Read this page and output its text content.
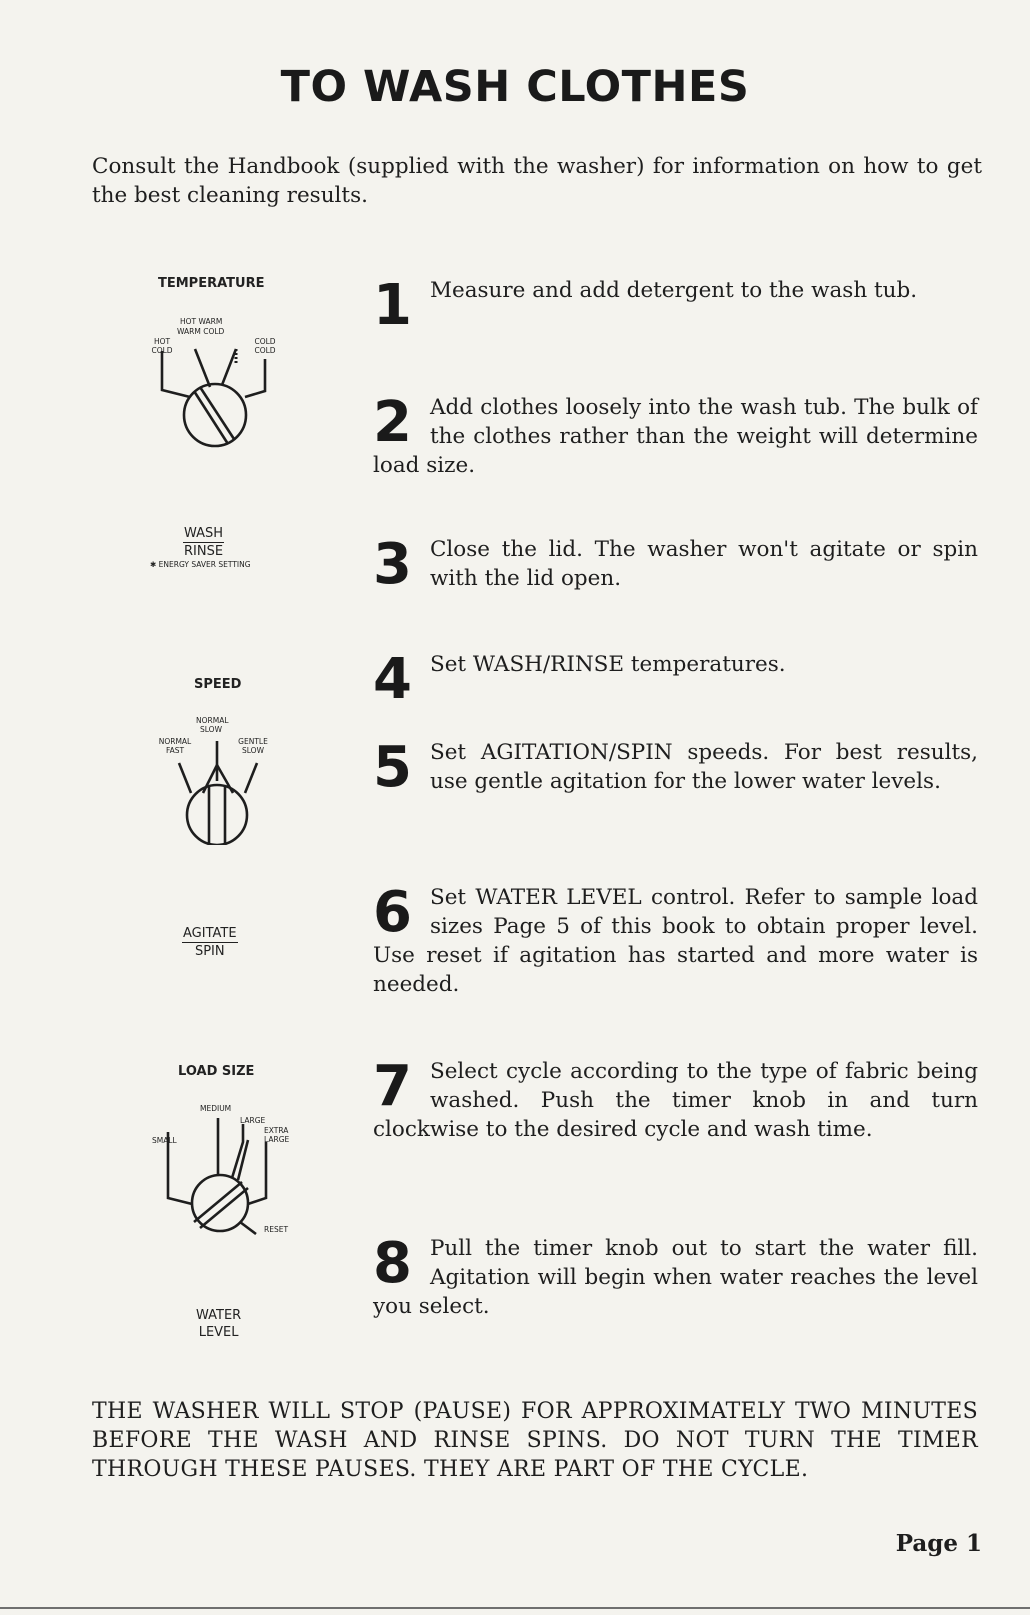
TO WASH CLOTHES
Consult the Handbook (supplied with the washer) for information on how to get the best cleaning results.
TEMPERATURE
HOT WARM
WARM COLD
HOT COLD
COLD COLD
WASH
RINSE
✱ ENERGY SAVER SETTING
SPEED
NORMAL SLOW
NORMAL FAST
GENTLE SLOW
AGITATE
SPIN
LOAD SIZE
MEDIUM
LARGE
EXTRA LARGE
SMALL
RESET
WATER
LEVEL
1 Measure and add detergent to the wash tub.
2 Add clothes loosely into the wash tub. The bulk of the clothes rather than the weight will determine load size.
3 Close the lid. The washer won't agitate or spin with the lid open.
4 Set WASH/RINSE temperatures.
5 Set AGITATION/SPIN speeds. For best results, use gentle agitation for the lower water levels.
6 Set WATER LEVEL control. Refer to sample load sizes Page 5 of this book to obtain proper level. Use reset if agitation has started and more water is needed.
7 Select cycle according to the type of fabric being washed. Push the timer knob in and turn clockwise to the desired cycle and wash time.
8 Pull the timer knob out to start the water fill. Agitation will begin when water reaches the level you select.
THE WASHER WILL STOP (PAUSE) FOR APPROXIMATELY TWO MINUTES BEFORE THE WASH AND RINSE SPINS. DO NOT TURN THE TIMER THROUGH THESE PAUSES. THEY ARE PART OF THE CYCLE.
Page 1
